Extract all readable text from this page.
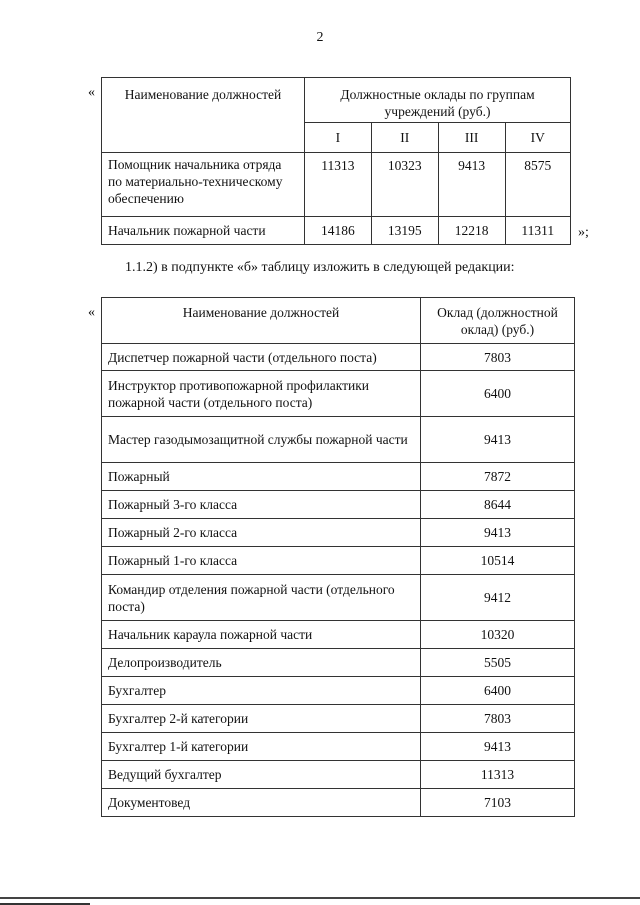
2
« Наименование должностей	Должностные оклады по группам учреждений (руб.)			
	I	II	III	IV
Помощник начальника отряда по материально-техническому обеспечению	11313	10323	9413	8575
Начальник пожарной части	14186	13195	12218	11311 »;
1.1.2) в подпункте «б» таблицу изложить в следующей редакции:
«	Наименование должностей	Оклад (должностной оклад) (руб.)
Диспетчер пожарной части (отдельного поста)	7803
Инструктор противопожарной профилактики пожарной части (отдельного поста)	6400
Мастер газодымозащитной службы пожарной части	9413
Пожарный	7872
Пожарный 3-го класса	8644
Пожарный 2-го класса	9413
Пожарный 1-го класса	10514
Командир отделения пожарной части (отдельного поста)	9412
Начальник караула пожарной части	10320
Делопроизводитель	5505
Бухгалтер	6400
Бухгалтер 2-й категории	7803
Бухгалтер 1-й категории	9413
Ведущий бухгалтер	11313
Документовед	7103
